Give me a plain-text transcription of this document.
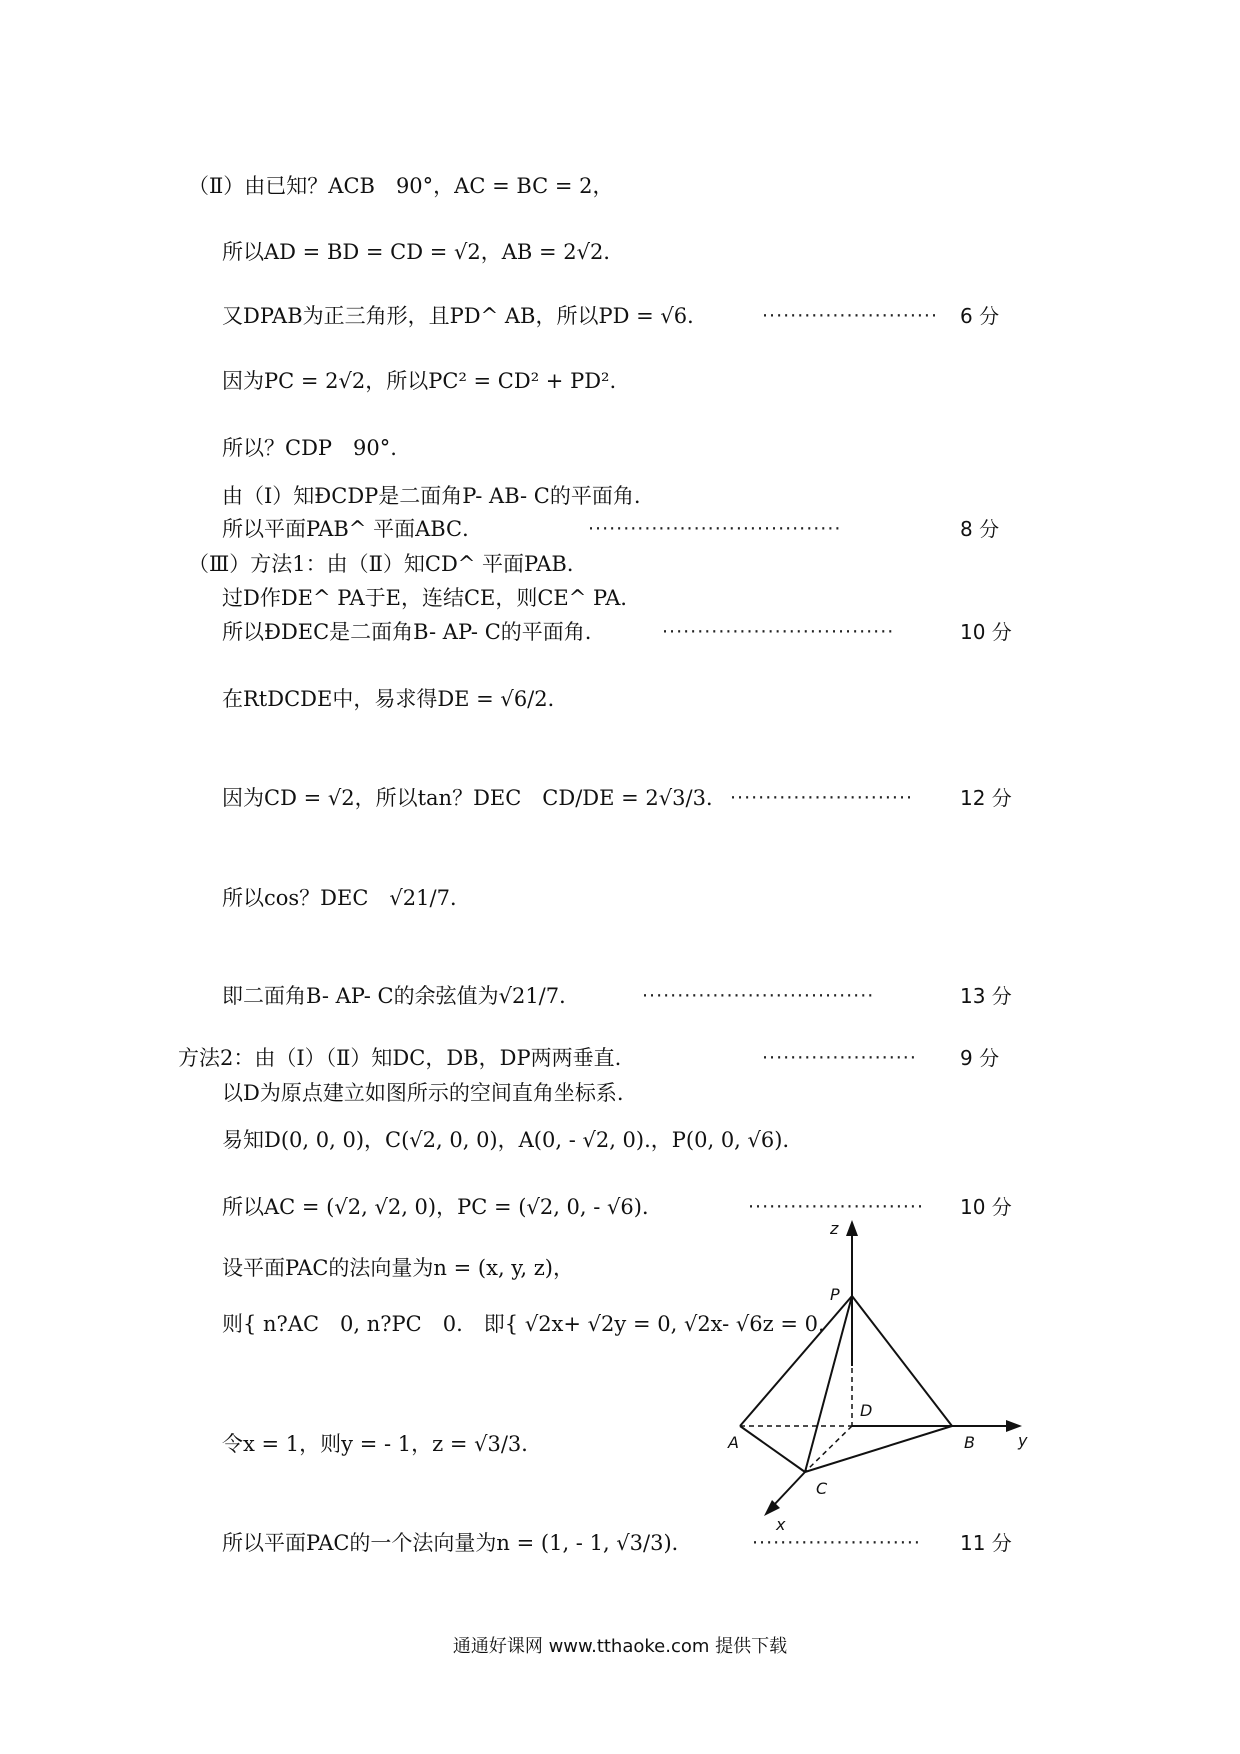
（Ⅱ）由已知？ACB　90°，AC = BC = 2，
所以AD = BD = CD = √2，AB = 2√2．
又DPAB为正三角形，且PD^ AB，所以PD = √6．
因为PC = 2√2，所以PC² = CD² + PD².
所以？CDP　90°.
由（Ⅰ）知ÐCDP是二面角P- AB- C的平面角.
所以平面PAB^ 平面ABC．
（Ⅲ）方法1：由（Ⅱ）知CD^ 平面PAB．
过D作DE^ PA于E，连结CE，则CE^ PA．
所以ÐDEC是二面角B- AP- C的平面角.
在RtDCDE中，易求得DE = √6/2．
因为CD = √2，所以tan？DEC　CD/DE = 2√3/3．
所以cos？DEC　√21/7．
即二面角B- AP- C的余弦值为√21/7．
方法2：由（Ⅰ）（Ⅱ）知DC，DB，DP两两垂直.
以D为原点建立如图所示的空间直角坐标系.
易知D(0, 0, 0)，C(√2, 0, 0)，A(0, - √2, 0).，P(0, 0, √6)．
所以AC = (√2, √2, 0)，PC = (√2, 0, - √6)．
设平面PAC的法向量为n = (x, y, z)，
则{ n?AC　0, n?PC　0.　即{ √2x+ √2y = 0, √2x- √6z = 0.
令x = 1，则y = - 1，z = √3/3．
所以平面PAC的一个法向量为n = (1, - 1, √3/3)．
························· 6 分
····································	8 分
·································	10 分
·························· 12 分
·································	13 分
······················ 9 分
························· 10 分
························ 11 分
z
P
D
A	B	y
C
x
通通好课网 www.tthaoke.com 提供下载
